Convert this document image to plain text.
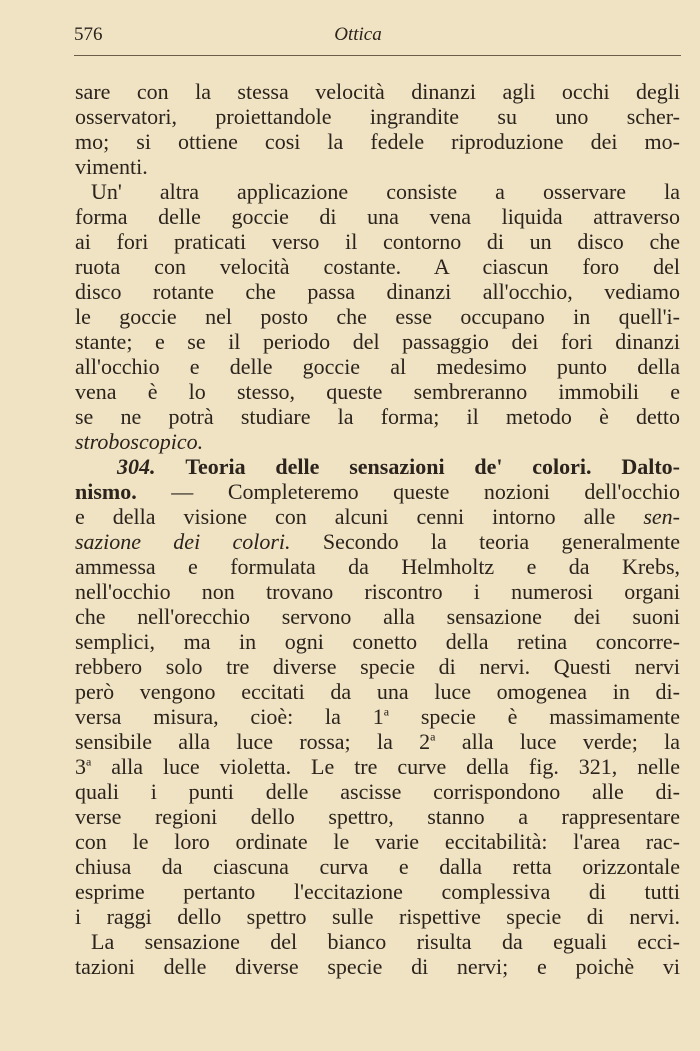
576	Ottica
sare con la stessa velocità dinanzi agli occhi degli
osservatori, proiettandole ingrandite su uno scher-
mo; si ottiene cosi la fedele riproduzione dei mo-
vimenti.
Un' altra applicazione consiste a osservare la
forma delle goccie di una vena liquida attraverso
ai fori praticati verso il contorno di un disco che
ruota con velocità costante. A ciascun foro del
disco rotante che passa dinanzi all'occhio, vediamo
le goccie nel posto che esse occupano in quell'i-
stante; e se il periodo del passaggio dei fori dinanzi
all'occhio e delle goccie al medesimo punto della
vena è lo stesso, queste sembreranno immobili e
se ne potrà studiare la forma; il metodo è detto
stroboscopico.
304. Teoria delle sensazioni de' colori. Dalto-
nismo. — Completeremo queste nozioni dell'occhio
e della visione con alcuni cenni intorno alle sen-
sazione dei colori. Secondo la teoria generalmente
ammessa e formulata da Helmholtz e da Krebs,
nell'occhio non trovano riscontro i numerosi organi
che nell'orecchio servono alla sensazione dei suoni
semplici, ma in ogni conetto della retina concorre-
rebbero solo tre diverse specie di nervi. Questi nervi
però vengono eccitati da una luce omogenea in di-
versa misura, cioè: la 1$^a$ specie è massimamente
sensibile alla luce rossa; la 2$^a$ alla luce verde; la
3$^a$ alla luce violetta. Le tre curve della fig. 321, nelle
quali i punti delle ascisse corrispondono alle di-
verse regioni dello spettro, stanno a rappresentare
con le loro ordinate le varie eccitabilità: l'area rac-
chiusa da ciascuna curva e dalla retta orizzontale
esprime pertanto l'eccitazione complessiva di tutti
i raggi dello spettro sulle rispettive specie di nervi.
La sensazione del bianco risulta da eguali ecci-
tazioni delle diverse specie di nervi; e poichè vi
